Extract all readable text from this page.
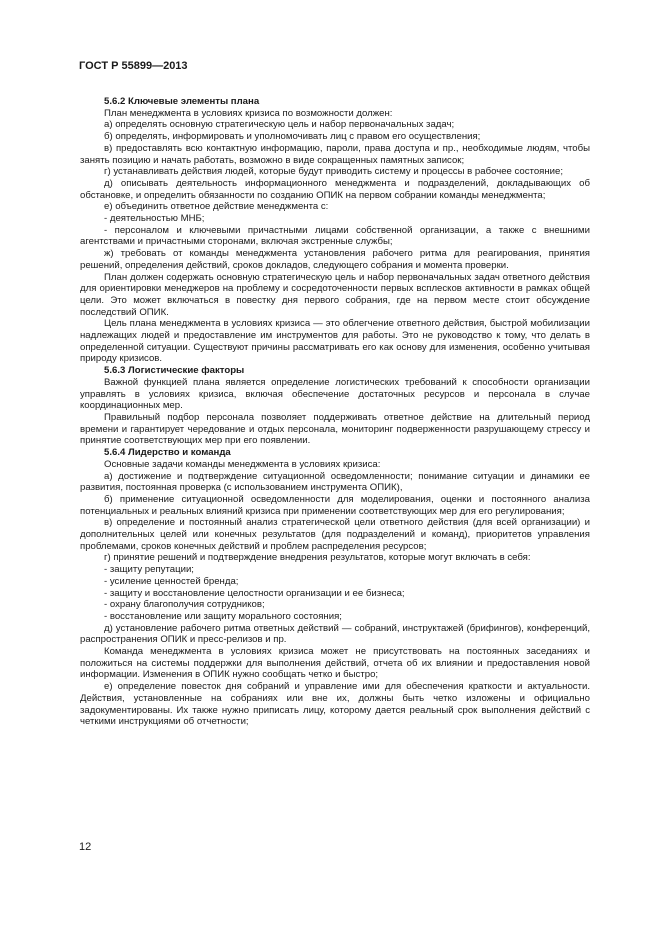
ГОСТ Р 55899—2013

5.6.2 Ключевые элементы плана

План менеджмента в условиях кризиса по возможности должен:

а) определять основную стратегическую цель и набор первоначальных задач;

б) определять, информировать и уполномочивать лиц с правом его осуществления;

в) предоставлять всю контактную информацию, пароли, права доступа и пр., необходимые людям, чтобы занять позицию и начать работать, возможно в виде сокращенных памятных записок;

г) устанавливать действия людей, которые будут приводить систему и процессы в рабочее состояние;

д) описывать деятельность информационного менеджмента и подразделений, докладывающих об обстановке, и определить обязанности по созданию ОПИК на первом собрании команды менеджмента;

е) объединить ответное действие менеджмента с:

- деятельностью МНБ;

- персоналом и ключевыми причастными лицами собственной организации, а также с внешними агентствами и причастными сторонами, включая экстренные службы;

ж) требовать от команды менеджмента установления рабочего ритма для реагирования, принятия решений, определения действий, сроков докладов, следующего собрания и момента проверки.

План должен содержать основную стратегическую цель и набор первоначальных задач ответного действия для ориентировки менеджеров на проблему и сосредоточенности первых всплесков активности в рамках общей цели. Это может включаться в повестку дня первого собрания, где на первом месте стоит обсуждение последствий ОПИК.

Цель плана менеджмента в условиях кризиса — это облегчение ответного действия, быстрой мобилизации надлежащих людей и предоставление им инструментов для работы. Это не руководство к тому, что делать в определенной ситуации. Существуют причины рассматривать его как основу для изменения, особенно учитывая природу кризисов.

5.6.3 Логистические факторы

Важной функцией плана является определение логистических требований к способности организации управлять в условиях кризиса, включая обеспечение достаточных ресурсов и персонала в случае координационных мер.

Правильный подбор персонала позволяет поддерживать ответное действие на длительный период времени и гарантирует чередование и отдых персонала, мониторинг подверженности разрушающему стрессу и принятие соответствующих мер при его появлении.

5.6.4 Лидерство и команда

Основные задачи команды менеджмента в условиях кризиса:

а) достижение и подтверждение ситуационной осведомленности; понимание ситуации и динамики ее развития, постоянная проверка (с использованием инструмента ОПИК),

б) применение ситуационной осведомленности для моделирования, оценки и постоянного анализа потенциальных и реальных влияний кризиса при применении соответствующих мер для его регулирования;

в) определение и постоянный анализ стратегической цели ответного действия (для всей организации) и дополнительных целей или конечных результатов (для подразделений и команд), приоритетов управления проблемами, сроков конечных действий и проблем распределения ресурсов;

г) принятие решений и подтверждение внедрения результатов, которые могут включать в себя:

- защиту репутации;

- усиление ценностей бренда;

- защиту и восстановление целостности организации и ее бизнеса;

- охрану благополучия сотрудников;

- восстановление или защиту морального состояния;

д) установление рабочего ритма ответных действий — собраний, инструктажей (брифингов), конференций, распространения ОПИК и пресс-релизов и пр.

Команда менеджмента в условиях кризиса может не присутствовать на постоянных заседаниях и положиться на системы поддержки для выполнения действий, отчета об их влиянии и предоставления новой информации. Изменения в ОПИК нужно сообщать четко и быстро;

е) определение повесток дня собраний и управление ими для обеспечения краткости и актуальности. Действия, установленные на собраниях или вне их, должны быть четко изложены и официально задокументированы. Их также нужно приписать лицу, которому дается реальный срок выполнения действий с четкими инструкциями об отчетности;

12
